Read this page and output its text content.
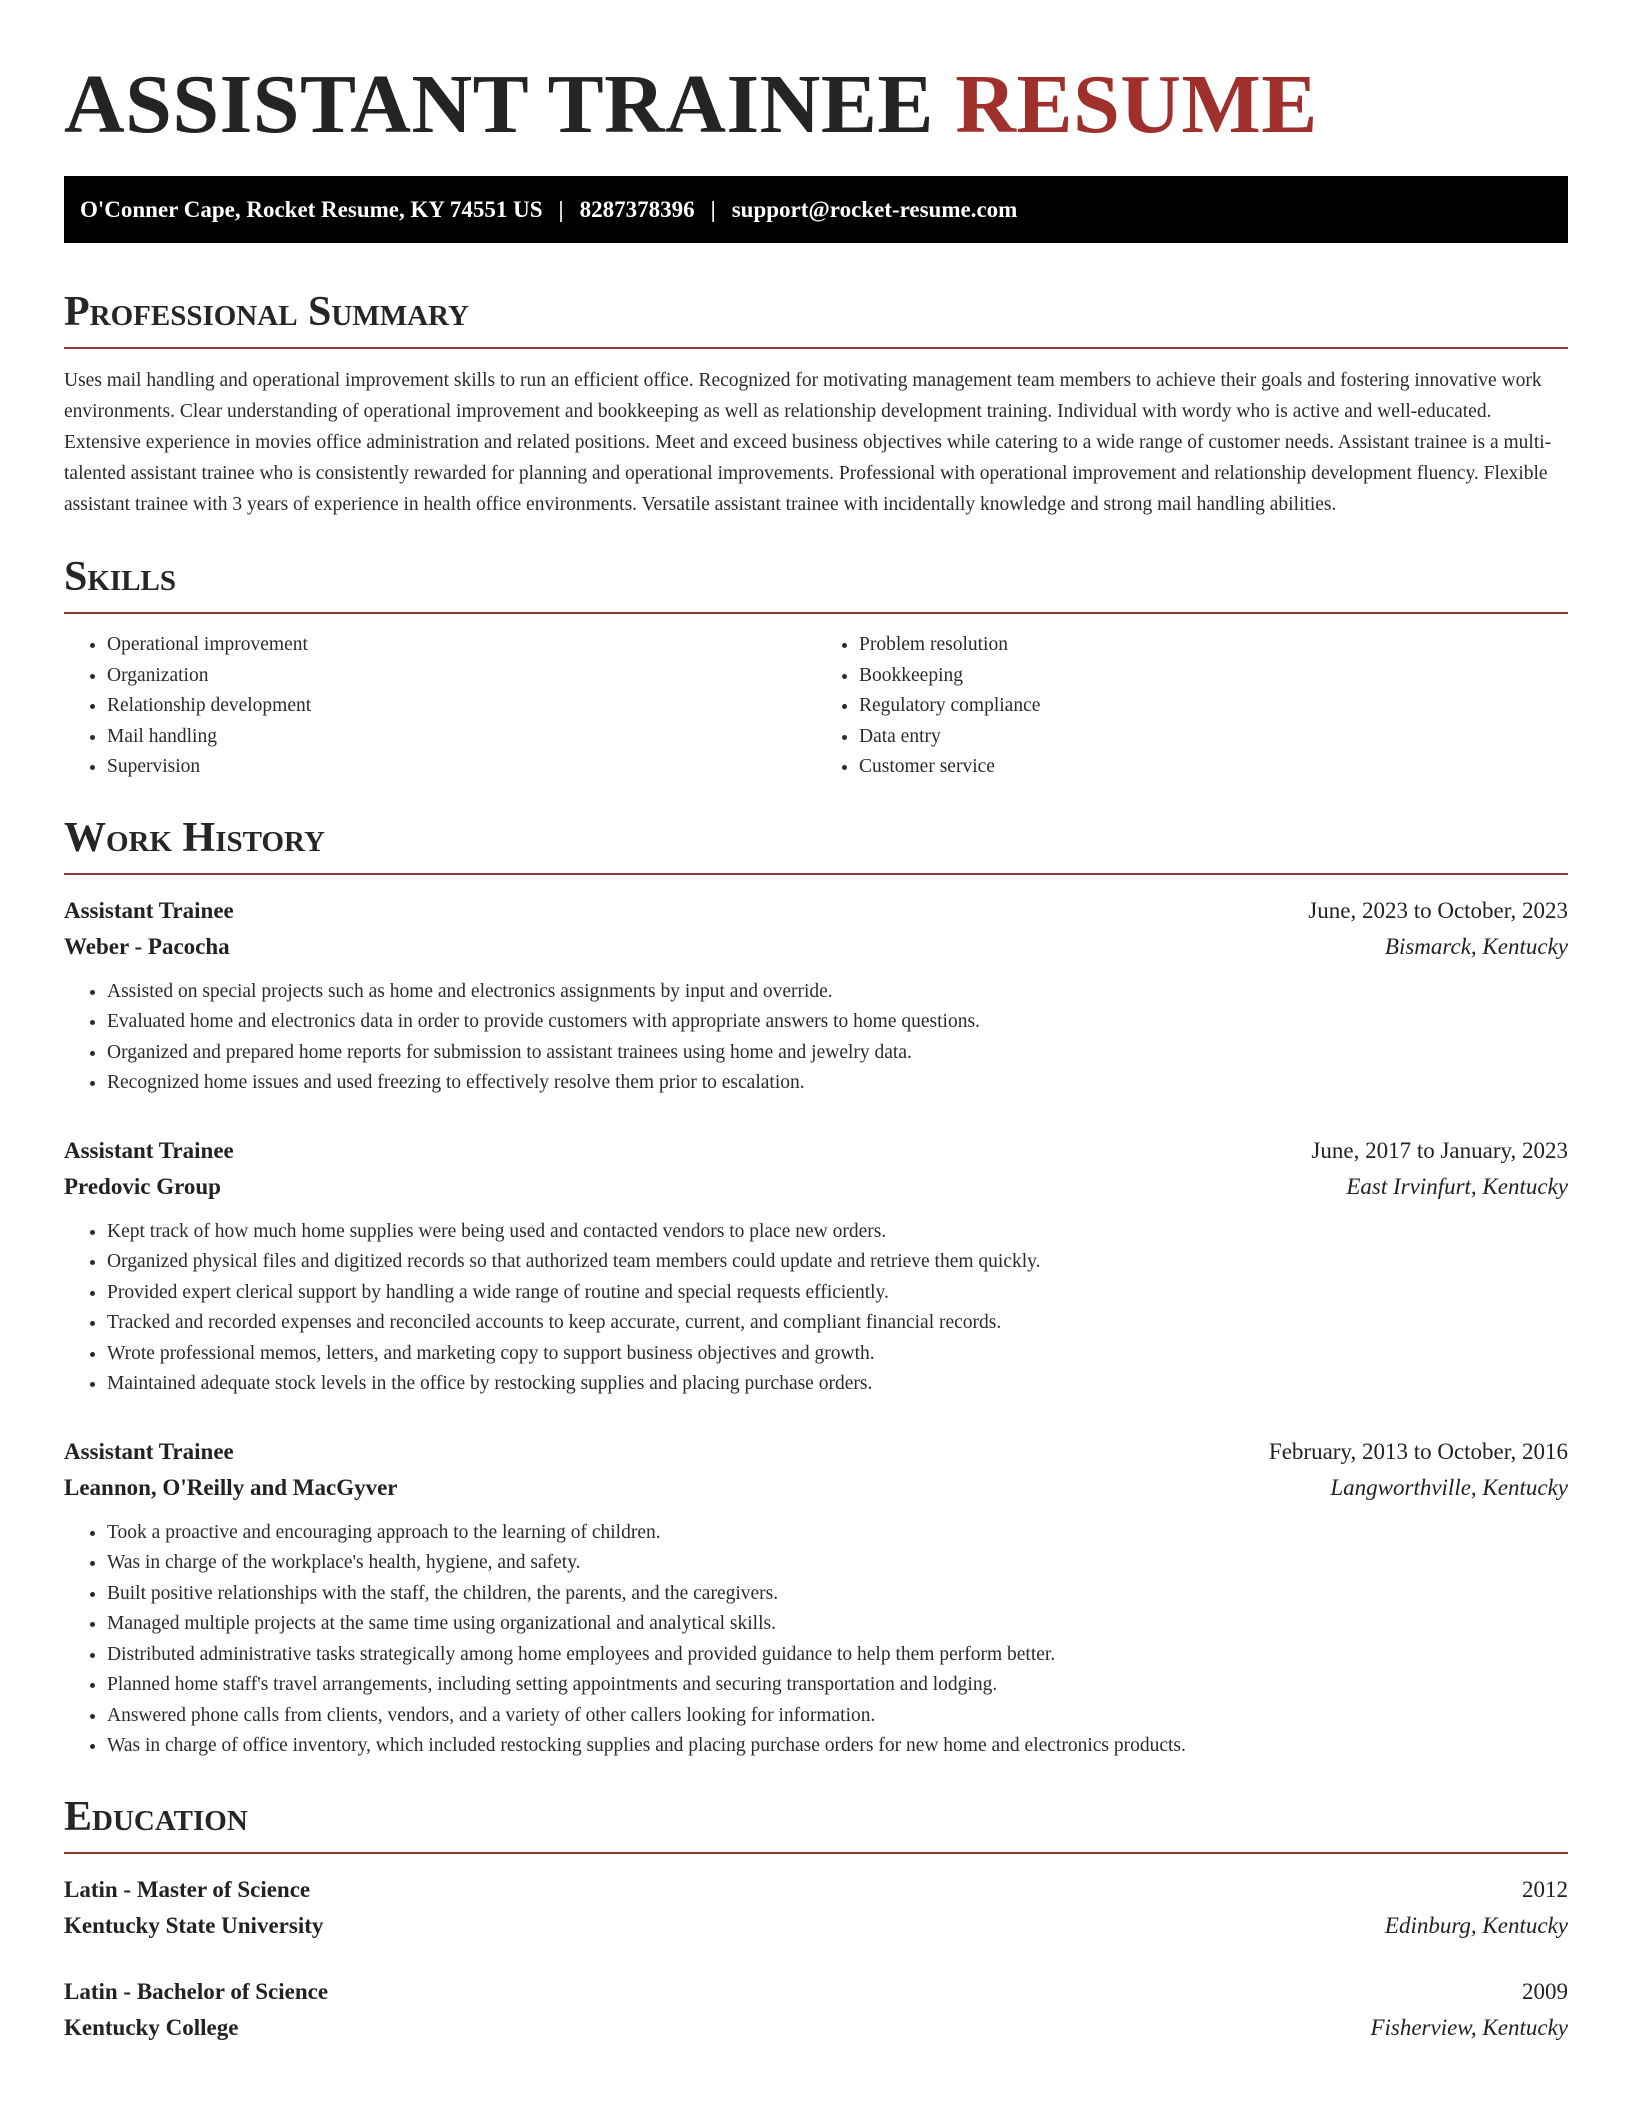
ASSISTANT TRAINEE RESUME
O'Conner Cape, Rocket Resume, KY 74551 US | 8287378396 | support@rocket-resume.com
Professional Summary

Uses mail handling and operational improvement skills to run an efficient office. Recognized for motivating management team members to achieve their goals and fostering innovative work environments. Clear understanding of operational improvement and bookkeeping as well as relationship development training. Individual with wordy who is active and well-educated. Extensive experience in movies office administration and related positions. Meet and exceed business objectives while catering to a wide range of customer needs. Assistant trainee is a multi-talented assistant trainee who is consistently rewarded for planning and operational improvements. Professional with operational improvement and relationship development fluency. Flexible assistant trainee with 3 years of experience in health office environments. Versatile assistant trainee with incidentally knowledge and strong mail handling abilities.

Skills
• Operational improvement
• Organization
• Relationship development
• Mail handling
• Supervision
• Problem resolution
• Bookkeeping
• Regulatory compliance
• Data entry
• Customer service
Work History
Assistant Trainee	June, 2023 to October, 2023
Weber - Pacocha	Bismarck, Kentucky
• Assisted on special projects such as home and electronics assignments by input and override.
• Evaluated home and electronics data in order to provide customers with appropriate answers to home questions.
• Organized and prepared home reports for submission to assistant trainees using home and jewelry data.
• Recognized home issues and used freezing to effectively resolve them prior to escalation.
Assistant Trainee	June, 2017 to January, 2023
Predovic Group	East Irvinfurt, Kentucky
• Kept track of how much home supplies were being used and contacted vendors to place new orders.
• Organized physical files and digitized records so that authorized team members could update and retrieve them quickly.
• Provided expert clerical support by handling a wide range of routine and special requests efficiently.
• Tracked and recorded expenses and reconciled accounts to keep accurate, current, and compliant financial records.
• Wrote professional memos, letters, and marketing copy to support business objectives and growth.
• Maintained adequate stock levels in the office by restocking supplies and placing purchase orders.
Assistant Trainee	February, 2013 to October, 2016
Leannon, O'Reilly and MacGyver	Langworthville, Kentucky
• Took a proactive and encouraging approach to the learning of children.
• Was in charge of the workplace's health, hygiene, and safety.
• Built positive relationships with the staff, the children, the parents, and the caregivers.
• Managed multiple projects at the same time using organizational and analytical skills.
• Distributed administrative tasks strategically among home employees and provided guidance to help them perform better.
• Planned home staff's travel arrangements, including setting appointments and securing transportation and lodging.
• Answered phone calls from clients, vendors, and a variety of other callers looking for information.
• Was in charge of office inventory, which included restocking supplies and placing purchase orders for new home and electronics products.
Education
Latin - Master of Science	2012
Kentucky State University	Edinburg, Kentucky
Latin - Bachelor of Science	2009
Kentucky College	Fisherview, Kentucky
